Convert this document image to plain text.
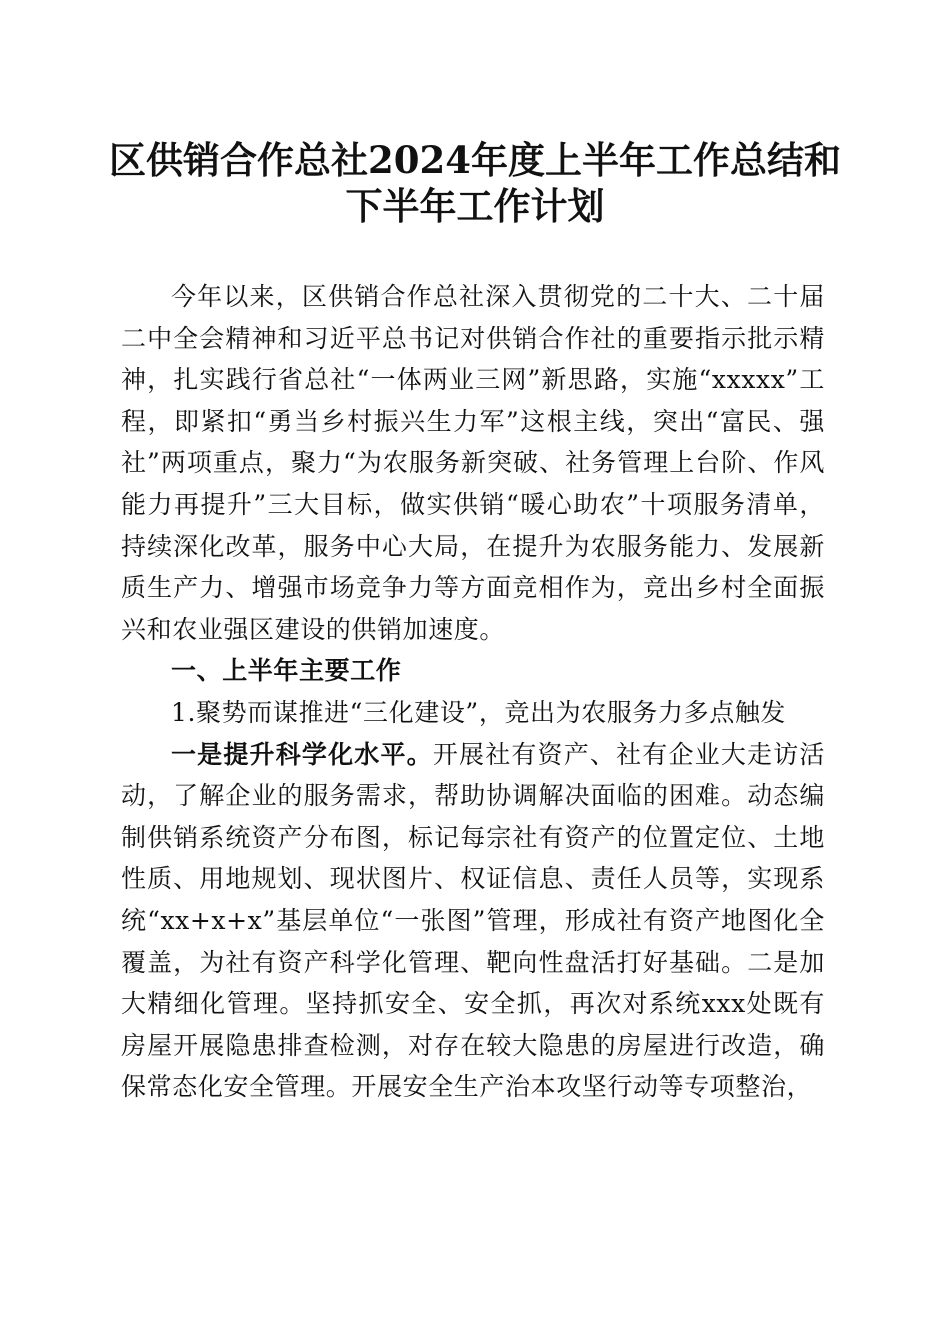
区供销合作总社2024年度上半年工作总结和
下半年工作计划

今年以来，区供销合作总社深入贯彻党的二十大、二十届二中全会精神和习近平总书记对供销合作社的重要指示批示精神，扎实践行省总社“一体两业三网”新思路，实施“xxxxx”工程，即紧扣“勇当乡村振兴生力军”这根主线，突出“富民、强社”两项重点，聚力“为农服务新突破、社务管理上台阶、作风能力再提升”三大目标，做实供销“暖心助农”十项服务清单，持续深化改革，服务中心大局，在提升为农服务能力、发展新质生产力、增强市场竞争力等方面竞相作为，竞出乡村全面振兴和农业强区建设的供销加速度。

一、上半年主要工作

1.聚势而谋推进“三化建设”，竞出为农服务力多点触发

一是提升科学化水平。开展社有资产、社有企业大走访活动，了解企业的服务需求，帮助协调解决面临的困难。动态编制供销系统资产分布图，标记每宗社有资产的位置定位、土地性质、用地规划、现状图片、权证信息、责任人员等，实现系统“xx+x+x”基层单位“一张图”管理，形成社有资产地图化全覆盖，为社有资产科学化管理、靶向性盘活打好基础。二是加大精细化管理。坚持抓安全、安全抓，再次对系统xxx处既有房屋开展隐患排查检测，对存在较大隐患的房屋进行改造，确保常态化安全管理。开展安全生产治本攻坚行动等专项整治，
